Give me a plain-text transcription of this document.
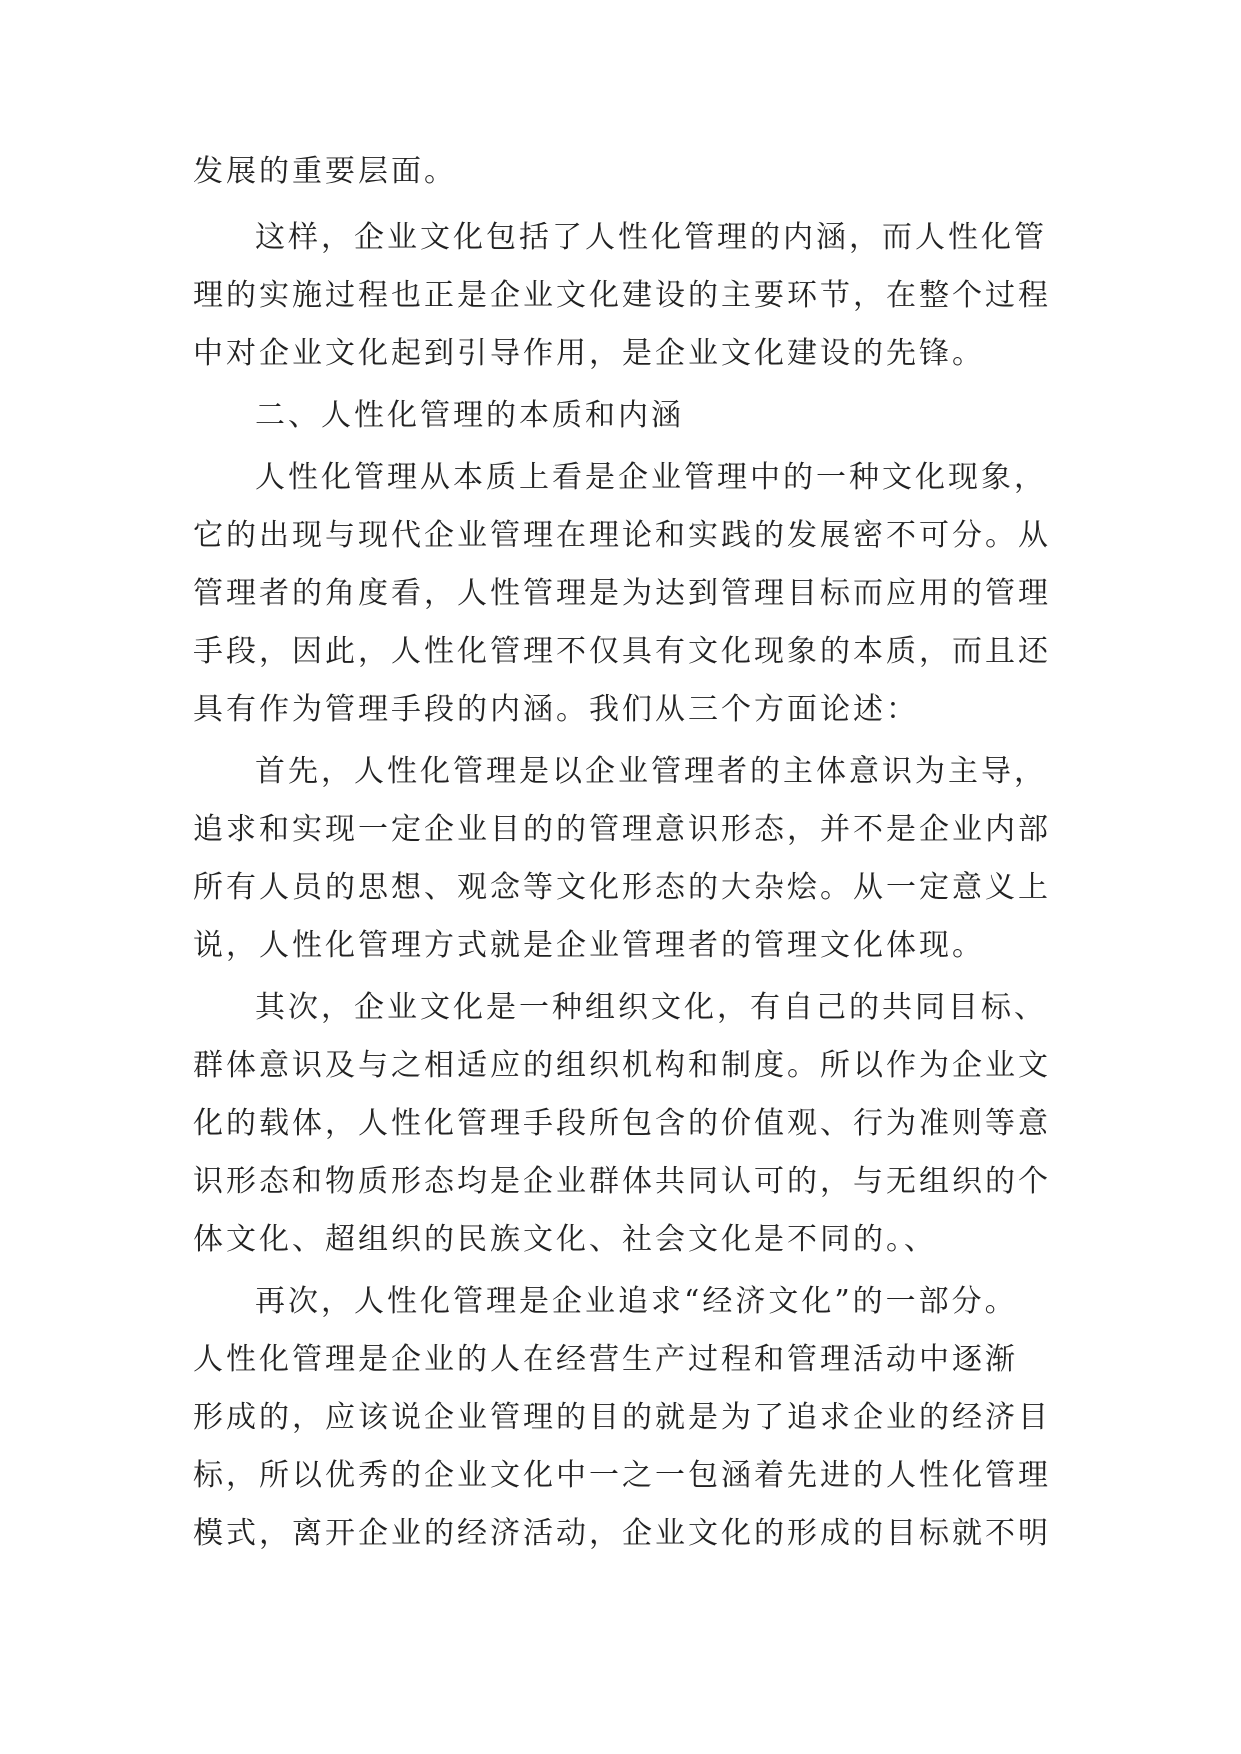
发展的重要层面。
这样，企业文化包括了人性化管理的内涵，而人性化管
理的实施过程也正是企业文化建设的主要环节，在整个过程
中对企业文化起到引导作用，是企业文化建设的先锋。
二、人性化管理的本质和内涵
人性化管理从本质上看是企业管理中的一种文化现象，
它的出现与现代企业管理在理论和实践的发展密不可分。从
管理者的角度看，人性管理是为达到管理目标而应用的管理
手段，因此，人性化管理不仅具有文化现象的本质，而且还
具有作为管理手段的内涵。我们从三个方面论述：
首先，人性化管理是以企业管理者的主体意识为主导，
追求和实现一定企业目的的管理意识形态，并不是企业内部
所有人员的思想、观念等文化形态的大杂烩。从一定意义上
说，人性化管理方式就是企业管理者的管理文化体现。
其次，企业文化是一种组织文化，有自己的共同目标、
群体意识及与之相适应的组织机构和制度。所以作为企业文
化的载体，人性化管理手段所包含的价值观、行为准则等意
识形态和物质形态均是企业群体共同认可的，与无组织的个
体文化、超组织的民族文化、社会文化是不同的。、
再次，人性化管理是企业追求“经济文化”的一部分。
人性化管理是企业的人在经营生产过程和管理活动中逐渐
形成的，应该说企业管理的目的就是为了追求企业的经济目
标，所以优秀的企业文化中一之一包涵着先进的人性化管理
模式，离开企业的经济活动，企业文化的形成的目标就不明
